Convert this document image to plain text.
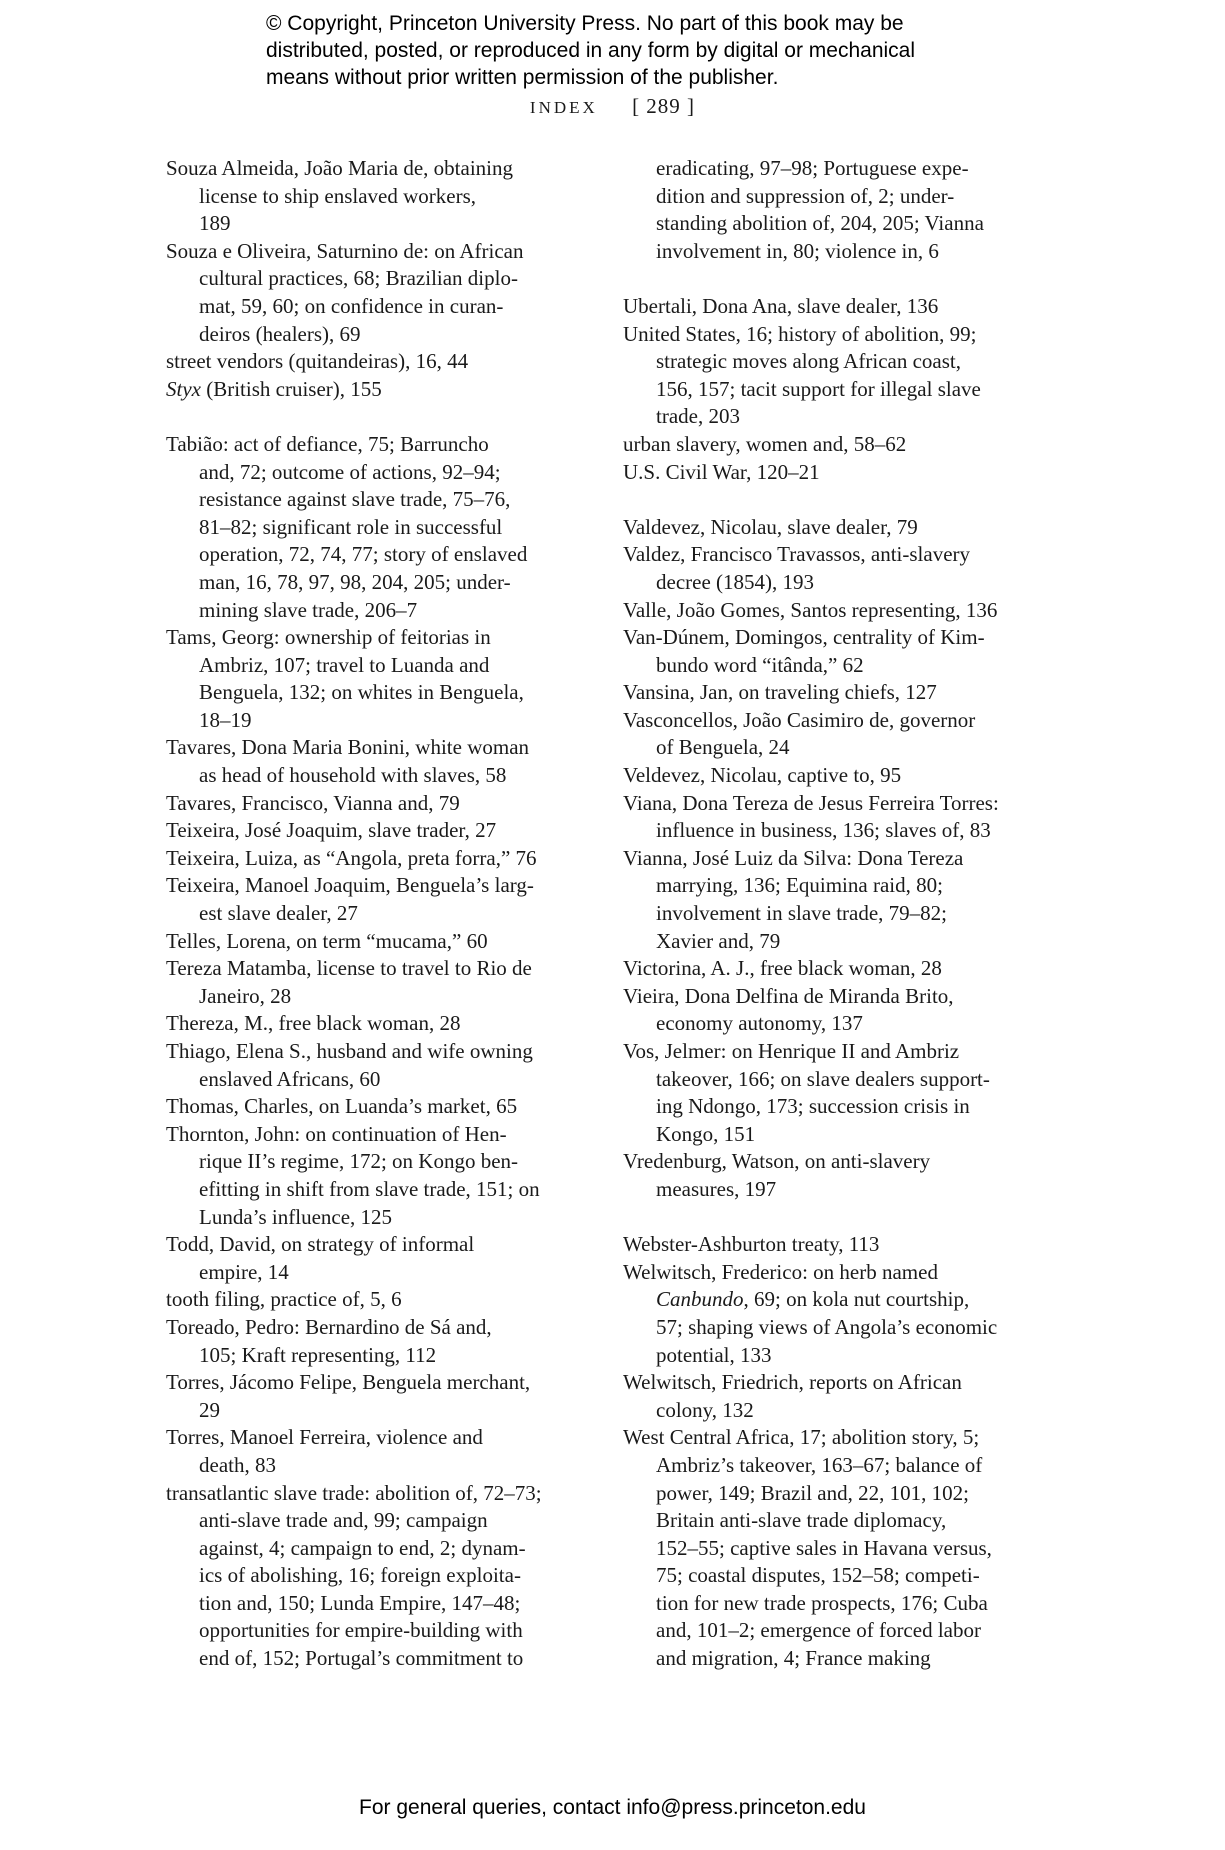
© Copyright, Princeton University Press. No part of this book may be
distributed, posted, or reproduced in any form by digital or mechanical
means without prior written permission of the publisher.
INDEX [ 289 ]
Souza Almeida, João Maria de, obtaining
license to ship enslaved workers,
189
Souza e Oliveira, Saturnino de: on African
cultural practices, 68; Brazilian diplo-
mat, 59, 60; on confidence in curan-
deiros (healers), 69
street vendors (quitandeiras), 16, 44
Styx (British cruiser), 155
Tabião: act of defiance, 75; Barruncho
and, 72; outcome of actions, 92–94;
resistance against slave trade, 75–76,
81–82; significant role in successful
operation, 72, 74, 77; story of enslaved
man, 16, 78, 97, 98, 204, 205; under-
mining slave trade, 206–7
Tams, Georg: ownership of feitorias in
Ambriz, 107; travel to Luanda and
Benguela, 132; on whites in Benguela,
18–19
Tavares, Dona Maria Bonini, white woman
as head of household with slaves, 58
Tavares, Francisco, Vianna and, 79
Teixeira, José Joaquim, slave trader, 27
Teixeira, Luiza, as “Angola, preta forra,” 76
Teixeira, Manoel Joaquim, Benguela’s larg-
est slave dealer, 27
Telles, Lorena, on term “mucama,” 60
Tereza Matamba, license to travel to Rio de
Janeiro, 28
Thereza, M., free black woman, 28
Thiago, Elena S., husband and wife owning
enslaved Africans, 60
Thomas, Charles, on Luanda’s market, 65
Thornton, John: on continuation of Hen-
rique II’s regime, 172; on Kongo ben-
efitting in shift from slave trade, 151; on
Lunda’s influence, 125
Todd, David, on strategy of informal
empire, 14
tooth filing, practice of, 5, 6
Toreado, Pedro: Bernardino de Sá and,
105; Kraft representing, 112
Torres, Jácomo Felipe, Benguela merchant,
29
Torres, Manoel Ferreira, violence and
death, 83
transatlantic slave trade: abolition of, 72–73;
anti-slave trade and, 99; campaign
against, 4; campaign to end, 2; dynam-
ics of abolishing, 16; foreign exploita-
tion and, 150; Lunda Empire, 147–48;
opportunities for empire-building with
end of, 152; Portugal’s commitment to
eradicating, 97–98; Portuguese expe-
dition and suppression of, 2; under-
standing abolition of, 204, 205; Vianna
involvement in, 80; violence in, 6
Ubertali, Dona Ana, slave dealer, 136
United States, 16; history of abolition, 99;
strategic moves along African coast,
156, 157; tacit support for illegal slave
trade, 203
urban slavery, women and, 58–62
U.S. Civil War, 120–21
Valdevez, Nicolau, slave dealer, 79
Valdez, Francisco Travassos, anti-slavery
decree (1854), 193
Valle, João Gomes, Santos representing, 136
Van-Dúnem, Domingos, centrality of Kim-
bundo word “itânda,” 62
Vansina, Jan, on traveling chiefs, 127
Vasconcellos, João Casimiro de, governor
of Benguela, 24
Veldevez, Nicolau, captive to, 95
Viana, Dona Tereza de Jesus Ferreira Torres:
influence in business, 136; slaves of, 83
Vianna, José Luiz da Silva: Dona Tereza
marrying, 136; Equimina raid, 80;
involvement in slave trade, 79–82;
Xavier and, 79
Victorina, A. J., free black woman, 28
Vieira, Dona Delfina de Miranda Brito,
economy autonomy, 137
Vos, Jelmer: on Henrique II and Ambriz
takeover, 166; on slave dealers support-
ing Ndongo, 173; succession crisis in
Kongo, 151
Vredenburg, Watson, on anti-slavery
measures, 197
Webster-Ashburton treaty, 113
Welwitsch, Frederico: on herb named
Canbundo, 69; on kola nut courtship,
57; shaping views of Angola’s economic
potential, 133
Welwitsch, Friedrich, reports on African
colony, 132
West Central Africa, 17; abolition story, 5;
Ambriz’s takeover, 163–67; balance of
power, 149; Brazil and, 22, 101, 102;
Britain anti-slave trade diplomacy,
152–55; captive sales in Havana versus,
75; coastal disputes, 152–58; competi-
tion for new trade prospects, 176; Cuba
and, 101–2; emergence of forced labor
and migration, 4; France making
For general queries, contact info@press.princeton.edu
